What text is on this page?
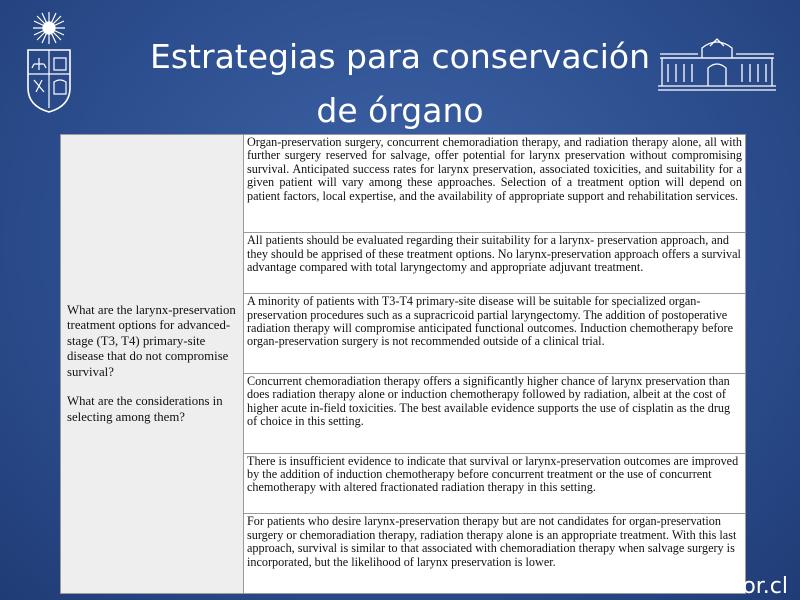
Estrategias para conservación
de órgano
What are the larynx-preservation treatment options for advanced-stage (T3, T4) primary-site disease that do not compromise survival?
What are the considerations in selecting among them?
	Organ-preservation surgery, concurrent chemoradiation therapy, and radiation therapy alone, all with further surgery reserved for salvage, offer potential for larynx preservation without compromising survival. Anticipated success rates for larynx preservation, associated toxicities, and suitability for a given patient will vary among these approaches. Selection of a treatment option will depend on patient factors, local expertise, and the availability of appropriate support and rehabilitation services.
All patients should be evaluated regarding their suitability for a larynx- preservation approach, and they should be apprised of these treatment options. No larynx-preservation approach offers a survival advantage compared with total laryngectomy and appropriate adjuvant treatment.
A minority of patients with T3-T4 primary-site disease will be suitable for specialized organ-preservation procedures such as a supracricoid partial laryngectomy. The addition of postoperative radiation therapy will compromise anticipated functional outcomes. Induction chemotherapy before organ-preservation surgery is not recommended outside of a clinical trial.
Concurrent chemoradiation therapy offers a significantly higher chance of larynx preservation than does radiation therapy alone or induction chemotherapy followed by radiation, albeit at the cost of higher acute in-field toxicities. The best available evidence supports the use of cisplatin as the drug of choice in this setting.
There is insufficient evidence to indicate that survival or larynx-preservation outcomes are improved by the addition of induction chemotherapy before concurrent treatment or the use of concurrent chemotherapy with altered fractionated radiation therapy in this setting.
For patients who desire larynx-preservation therapy but are not candidates for organ-preservation surgery or chemoradiation therapy, radiation therapy alone is an appropriate treatment. With this last approach, survival is similar to that associated with chemoradiation therapy when salvage surgery is incorporated, but the likelihood of larynx preservation is lower.
or.cl
